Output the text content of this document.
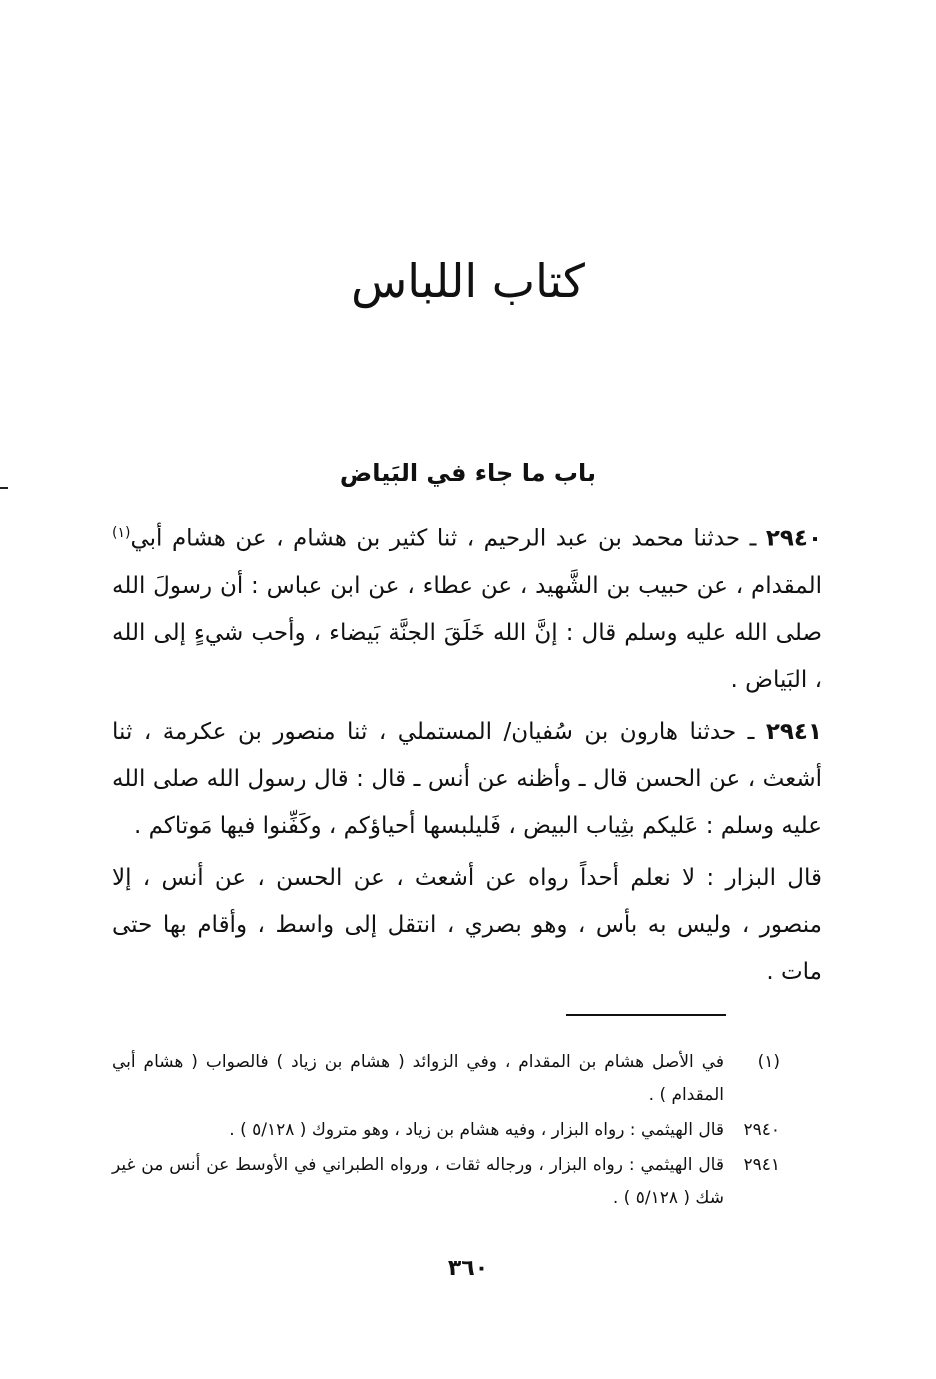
كتاب اللباس
باب ما جاء في البَياض

٢٩٤٠ ـ حدثنا محمد بن عبد الرحيم ، ثنا كثير بن هشام ، عن هشام أبي$^{(١)}$ المقدام ، عن حبيب بن الشَّهيد ، عن عطاء ، عن ابن عباس : أن رسولَ الله صلى الله عليه وسلم قال : إنَّ الله خَلَقَ الجنَّة بَيضاء ، وأحب شيءٍ إلى الله ، البَياض .

٢٩٤١ ـ حدثنا هارون بن سُفيان/ المستملي ، ثنا منصور بن عكرمة ، ثنا أشعث ، عن الحسن قال ـ وأظنه عن أنس ـ قال : قال رسول الله صلى الله عليه وسلم : عَليكم بثِياب البيض ، فَليلبسها أحياؤكم ، وكَفِّنوا فيها مَوتاكم .

قال البزار : لا نعلم أحداً رواه عن أشعث ، عن الحسن ، عن أنس ، إلا منصور ، وليس به بأس ، وهو بصري ، انتقل إلى واسط ، وأقام بها حتى مات .

(١)
في الأصل هشام بن المقدام ، وفي الزوائد ( هشام بن زياد ) فالصواب ( هشام أبي المقدام ) .
٢٩٤٠
قال الهيثمي : رواه البزار ، وفيه هشام بن زياد ، وهو متروك ( ٥/١٢٨ ) .
٢٩٤١
قال الهيثمي : رواه البزار ، ورجاله ثقات ، ورواه الطبراني في الأوسط عن أنس من غير شك ( ٥/١٢٨ ) .
٣٦٠
